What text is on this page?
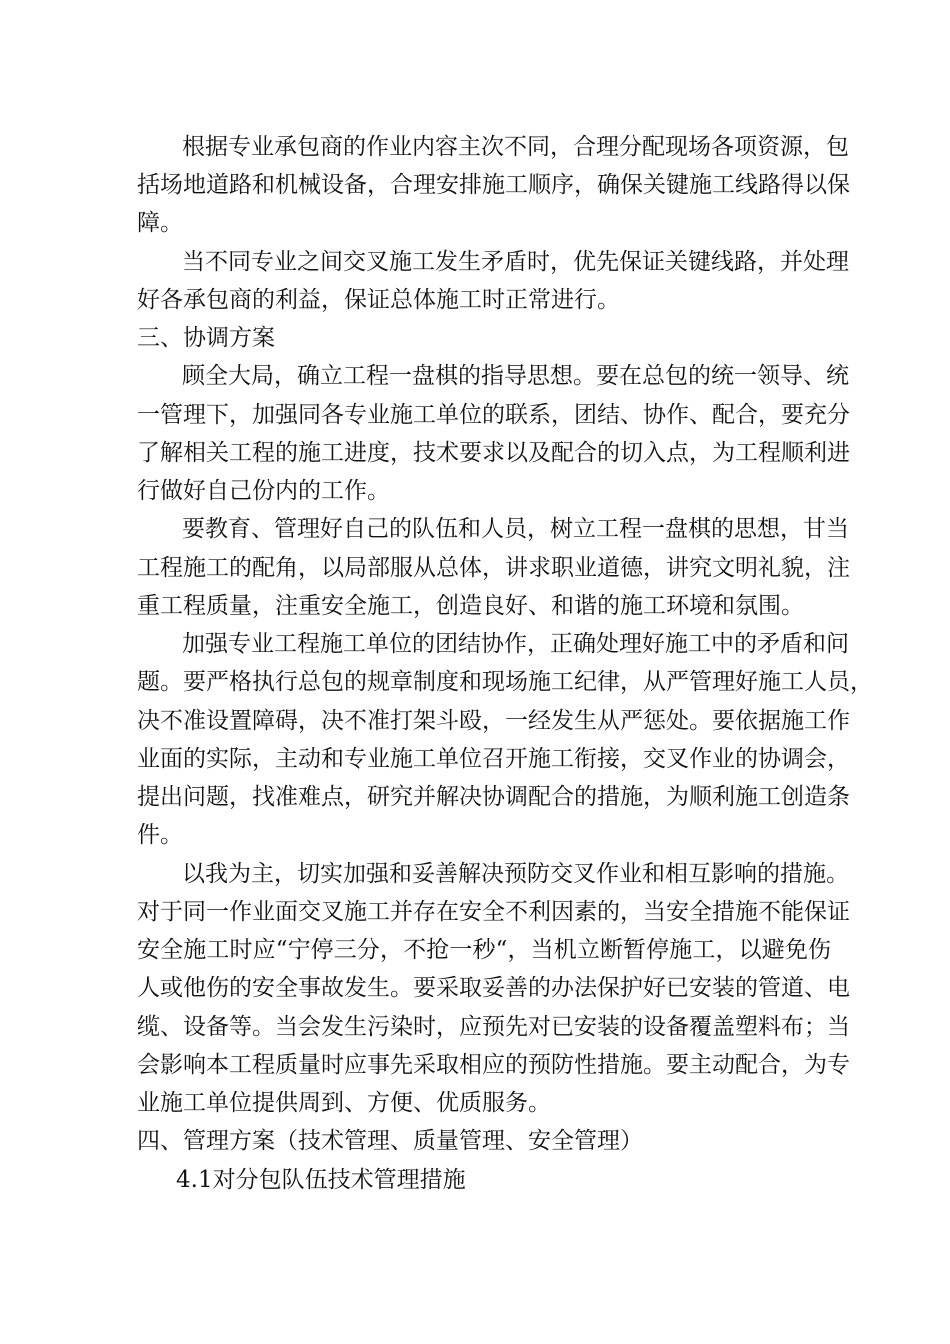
根据专业承包商的作业内容主次不同，合理分配现场各项资源，包
括场地道路和机械设备，合理安排施工顺序，确保关键施工线路得以保
障。
当不同专业之间交叉施工发生矛盾时，优先保证关键线路，并处理
好各承包商的利益，保证总体施工时正常进行。
三、协调方案
顾全大局，确立工程一盘棋的指导思想。要在总包的统一领导、统
一管理下，加强同各专业施工单位的联系，团结、协作、配合，要充分
了解相关工程的施工进度，技术要求以及配合的切入点，为工程顺利进
行做好自己份内的工作。
要教育、管理好自己的队伍和人员，树立工程一盘棋的思想，甘当
工程施工的配角，以局部服从总体，讲求职业道德，讲究文明礼貌，注
重工程质量，注重安全施工，创造良好、和谐的施工环境和氛围。
加强专业工程施工单位的团结协作，正确处理好施工中的矛盾和问
题。要严格执行总包的规章制度和现场施工纪律，从严管理好施工人员，
决不准设置障碍，决不准打架斗殴，一经发生从严惩处。要依据施工作
业面的实际，主动和专业施工单位召开施工衔接，交叉作业的协调会，
提出问题，找准难点，研究并解决协调配合的措施，为顺利施工创造条
件。
以我为主，切实加强和妥善解决预防交叉作业和相互影响的措施。
对于同一作业面交叉施工并存在安全不利因素的，当安全措施不能保证
安全施工时应“宁停三分，不抢一秒“，当机立断暂停施工，以避免伤
人或他伤的安全事故发生。要采取妥善的办法保护好已安装的管道、电
缆、设备等。当会发生污染时，应预先对已安装的设备覆盖塑料布；当
会影响本工程质量时应事先采取相应的预防性措施。要主动配合，为专
业施工单位提供周到、方便、优质服务。
四、管理方案（技术管理、质量管理、安全管理）
4.1对分包队伍技术管理措施
